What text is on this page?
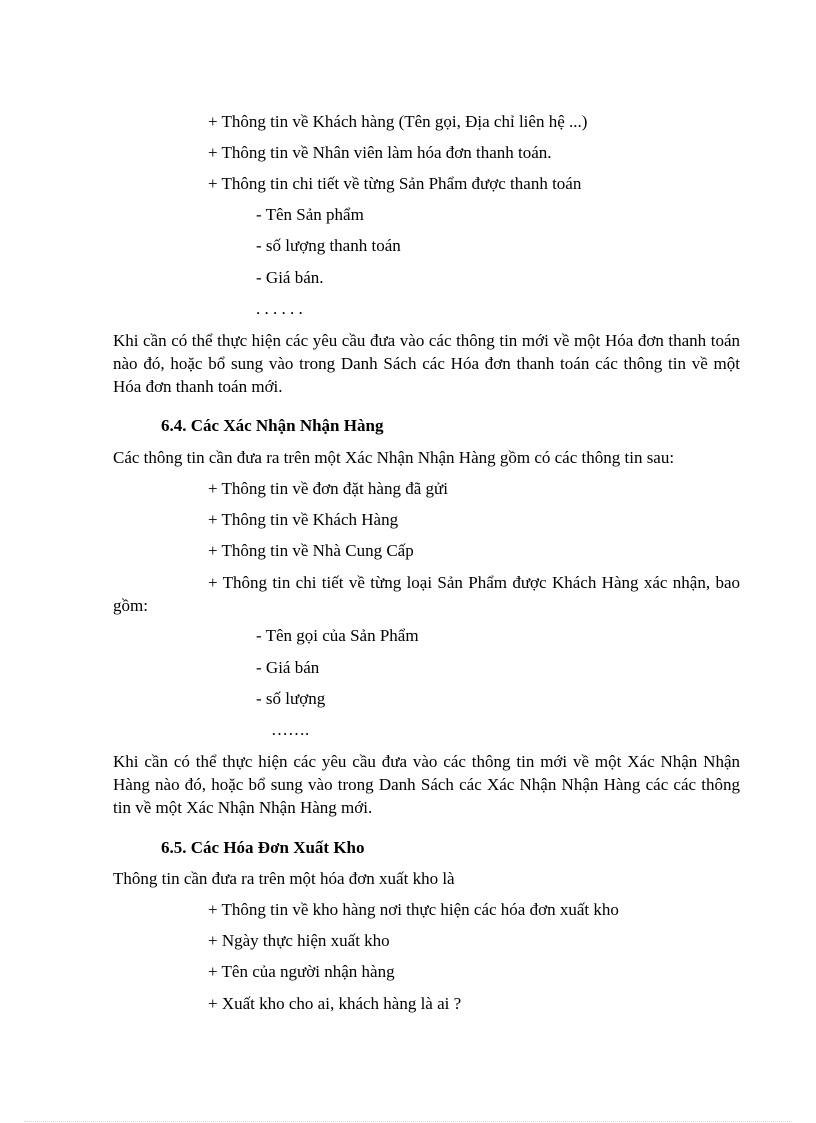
+ Thông tin về Khách hàng (Tên gọi, Địa chỉ liên hệ ...)
+ Thông tin về Nhân viên làm hóa đơn thanh toán.
+ Thông tin chi tiết về từng Sản Phẩm được thanh toán
- Tên Sản phẩm
- số lượng thanh toán
- Giá bán.
. . . . . .
Khi cần có thể thực hiện các yêu cầu đưa vào các thông tin mới về một Hóa đơn thanh toán nào đó, hoặc bổ sung vào trong Danh Sách các Hóa đơn thanh toán các thông tin về một Hóa đơn thanh toán mới.
6.4. Các Xác Nhận Nhận Hàng
Các thông tin cần đưa ra trên một Xác Nhận Nhận Hàng gồm có các thông tin sau:
+ Thông tin về đơn đặt hàng đã gửi
+ Thông tin về Khách Hàng
+ Thông tin về Nhà Cung Cấp
+ Thông tin chi tiết về từng loại Sản Phẩm được Khách Hàng xác nhận, bao gồm:
- Tên gọi của Sản Phẩm
- Giá bán
- số lượng
…….
Khi cần có thể thực hiện các yêu cầu đưa vào các thông tin mới về một Xác Nhận Nhận Hàng nào đó, hoặc bổ sung vào trong Danh Sách các Xác Nhận Nhận Hàng các các thông tin về một Xác Nhận Nhận Hàng mới.
6.5. Các Hóa Đơn Xuất Kho
Thông tin cần đưa ra trên một hóa đơn xuất kho là
+ Thông tin về kho hàng nơi thực hiện các hóa đơn xuất kho
+ Ngày thực hiện xuất kho
+ Tên của người nhận hàng
+ Xuất kho cho ai, khách hàng là ai ?
